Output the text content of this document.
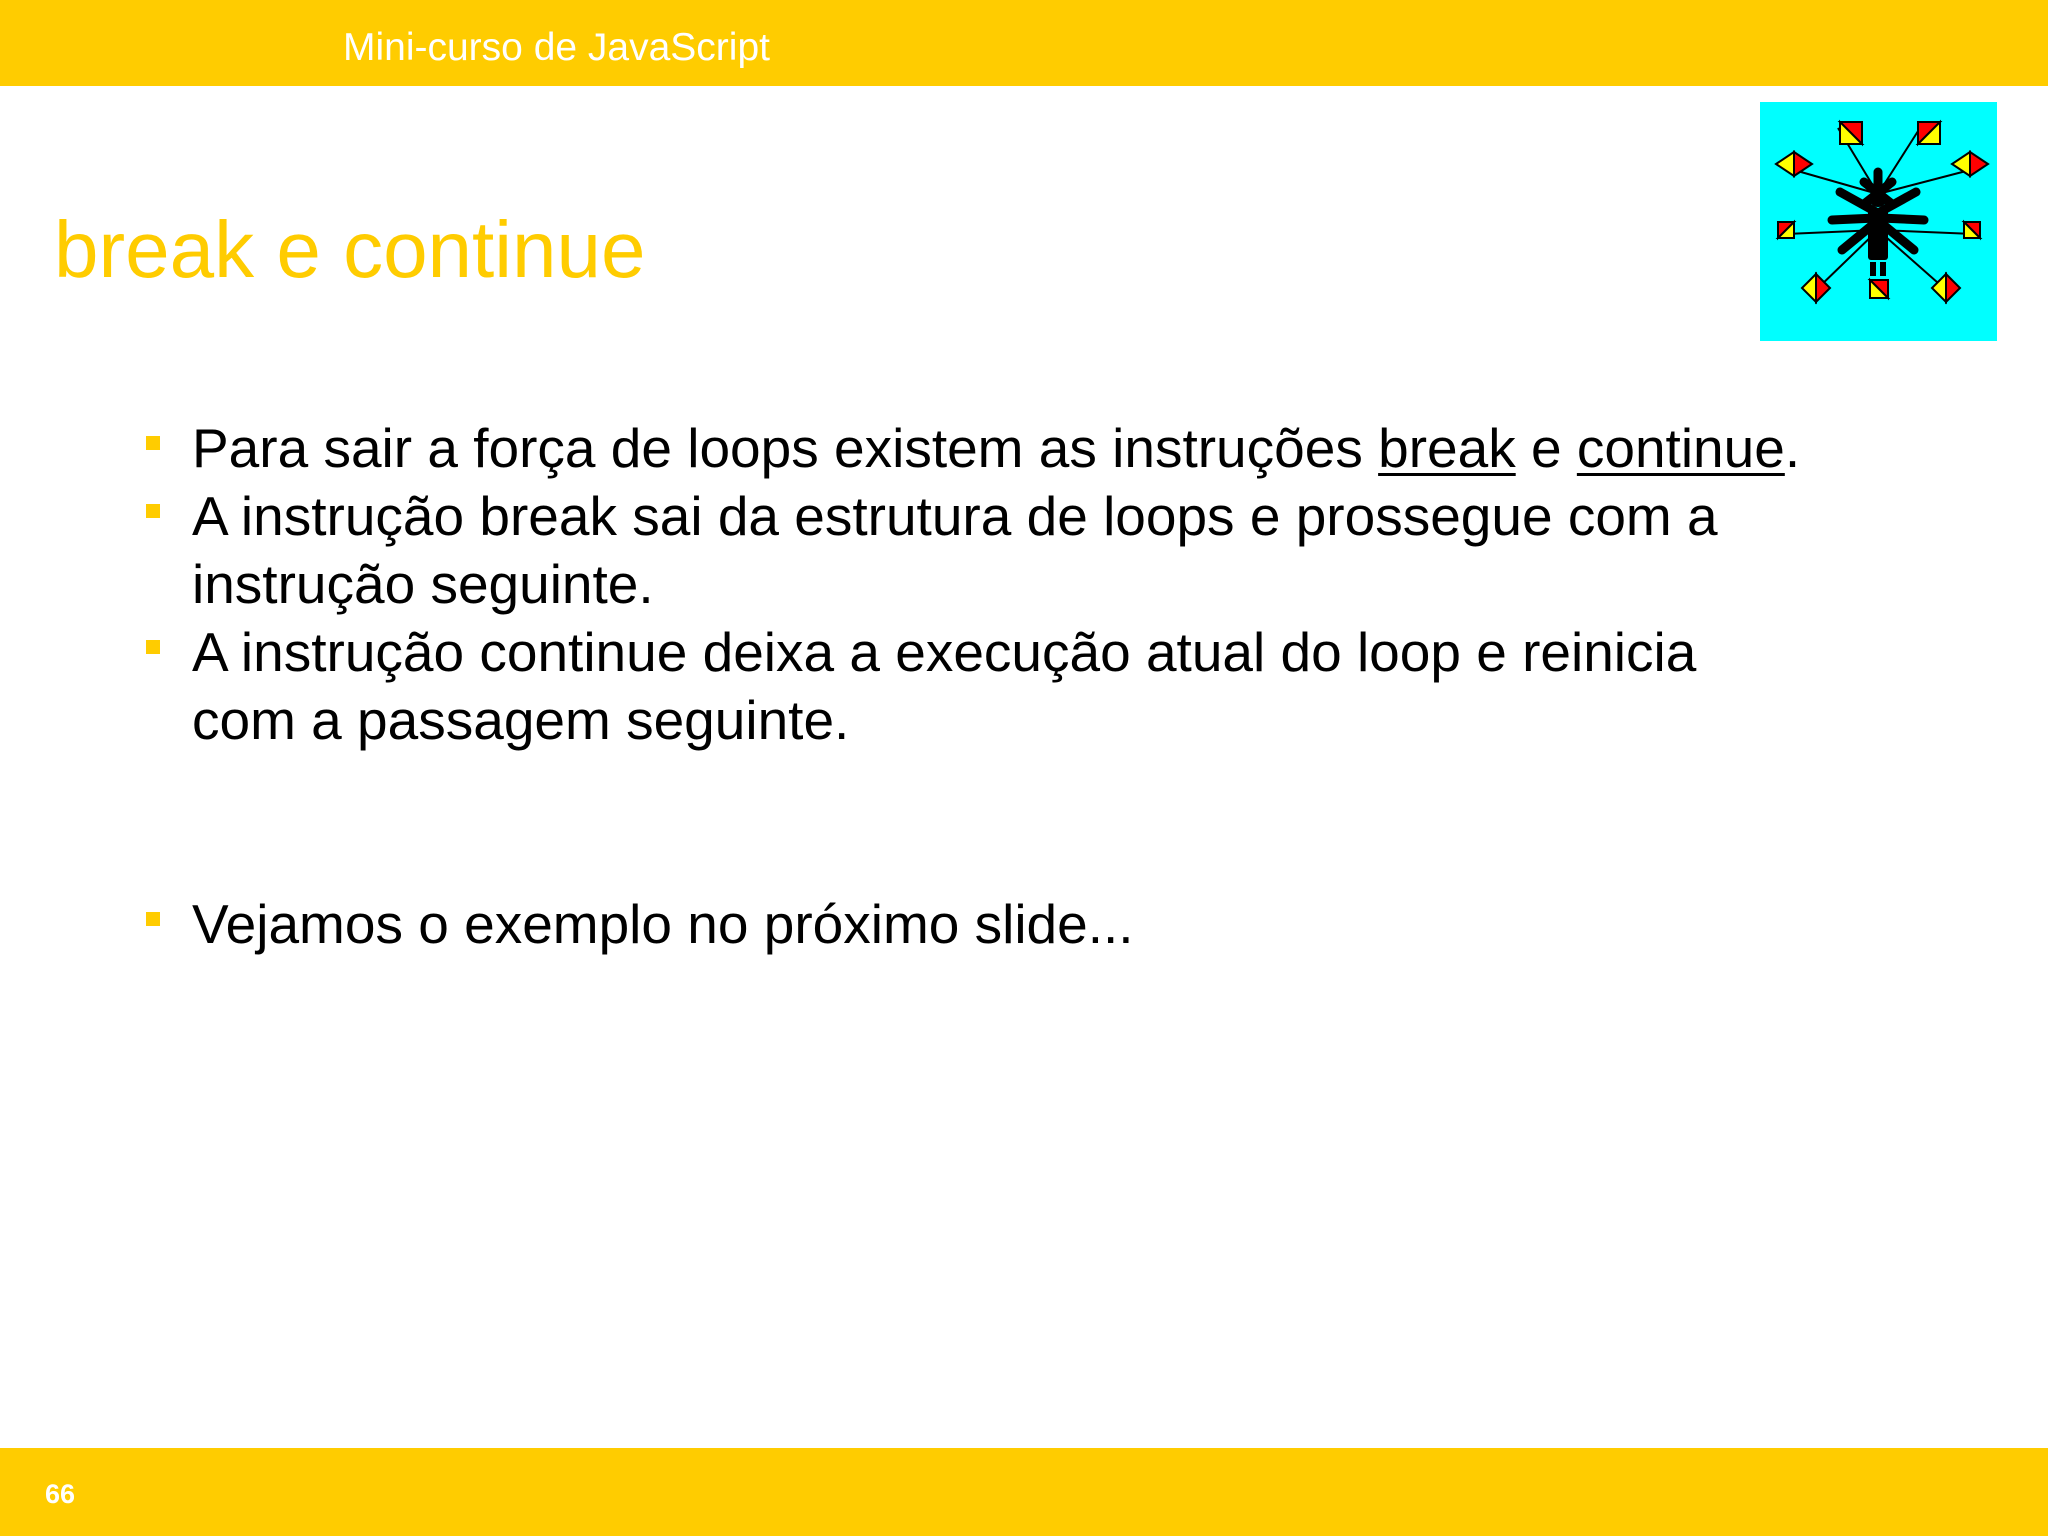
Mini-curso de JavaScript
break e continue
Para sair a força de loops existem as instruções break e continue.
A instrução break sai da estrutura de loops e prossegue com a
instrução seguinte.
A instrução continue deixa a execução atual do loop e reinicia
com a passagem seguinte.
Vejamos o exemplo no próximo slide...
66
